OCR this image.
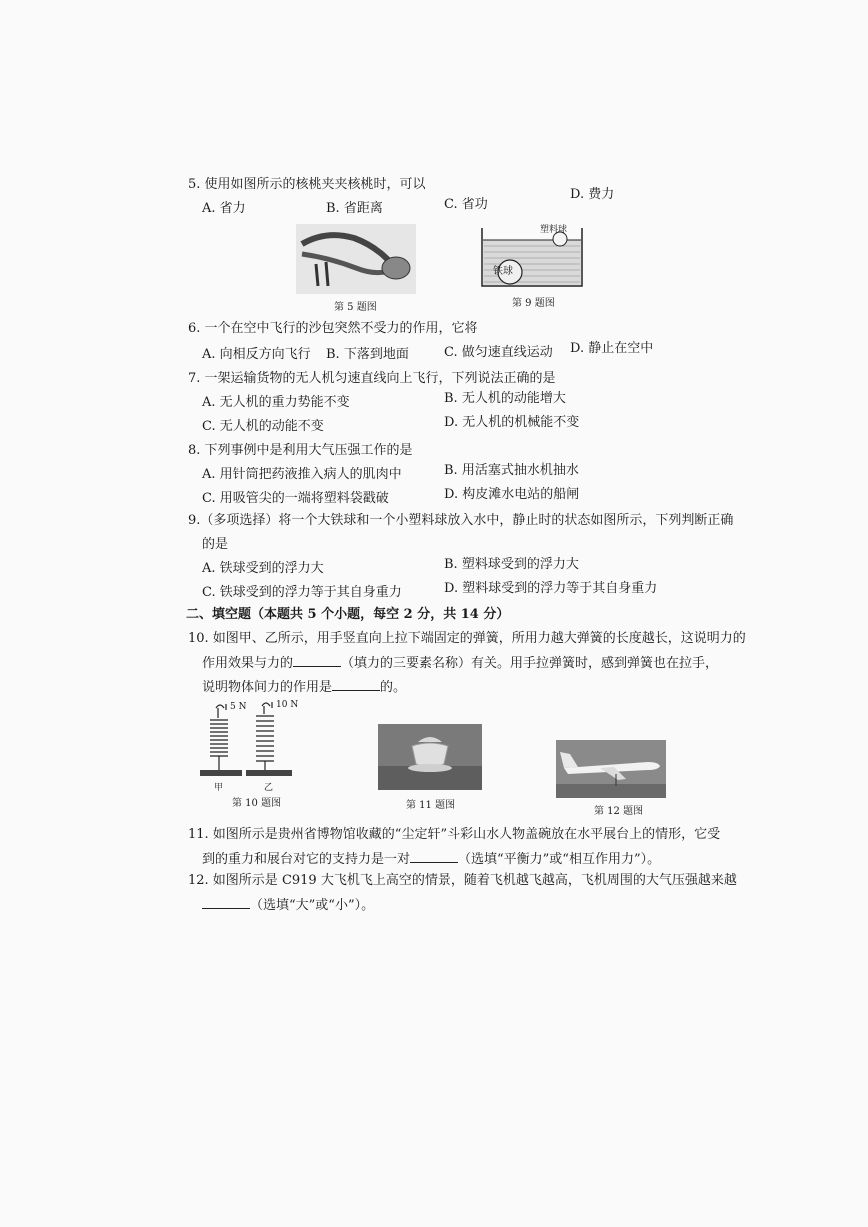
5. 使用如图所示的核桃夹夹核桃时，可以
A. 省力	B. 省距离	C. 省功
D. 费力
第 5 题图
铁球
塑料球
第 9 题图
6. 一个在空中飞行的沙包突然不受力的作用，它将
A. 向相反方向飞行 B. 下落到地面	C. 做匀速直线运动 D. 静止在空中
7. 一架运输货物的无人机匀速直线向上飞行，下列说法正确的是
A. 无人机的重力势能不变	B. 无人机的动能增大
C. 无人机的动能不变	D. 无人机的机械能不变
8. 下列事例中是利用大气压强工作的是
A. 用针筒把药液推入病人的肌肉中	B. 用活塞式抽水机抽水
C. 用吸管尖的一端将塑料袋戳破	D. 构皮滩水电站的船闸
9.（多项选择）将一个大铁球和一个小塑料球放入水中，静止时的状态如图所示，下列判断正确
的是
A. 铁球受到的浮力大	B. 塑料球受到的浮力大
C. 铁球受到的浮力等于其自身重力	D. 塑料球受到的浮力等于其自身重力
二、填空题（本题共 5 个小题，每空 2 分，共 14 分）
10. 如图甲、乙所示，用手竖直向上拉下端固定的弹簧，所用力越大弹簧的长度越长，这说明力的
作用效果与力的	（填力的三要素名称）有关。用手拉弹簧时，感到弹簧也在拉手，
说明物体间力的作用是	的。
5 N	10 N
甲	乙
第 10 题图	第 11 题图
第 12 题图
11. 如图所示是贵州省博物馆收藏的“尘定轩”斗彩山水人物盖碗放在水平展台上的情形，它受
到的重力和展台对它的支持力是一对	（选填“平衡力”或“相互作用力”）。
12. 如图所示是 C919 大飞机飞上高空的情景，随着飞机越飞越高，飞机周围的大气压强越来越
（选填“大”或“小”）。
